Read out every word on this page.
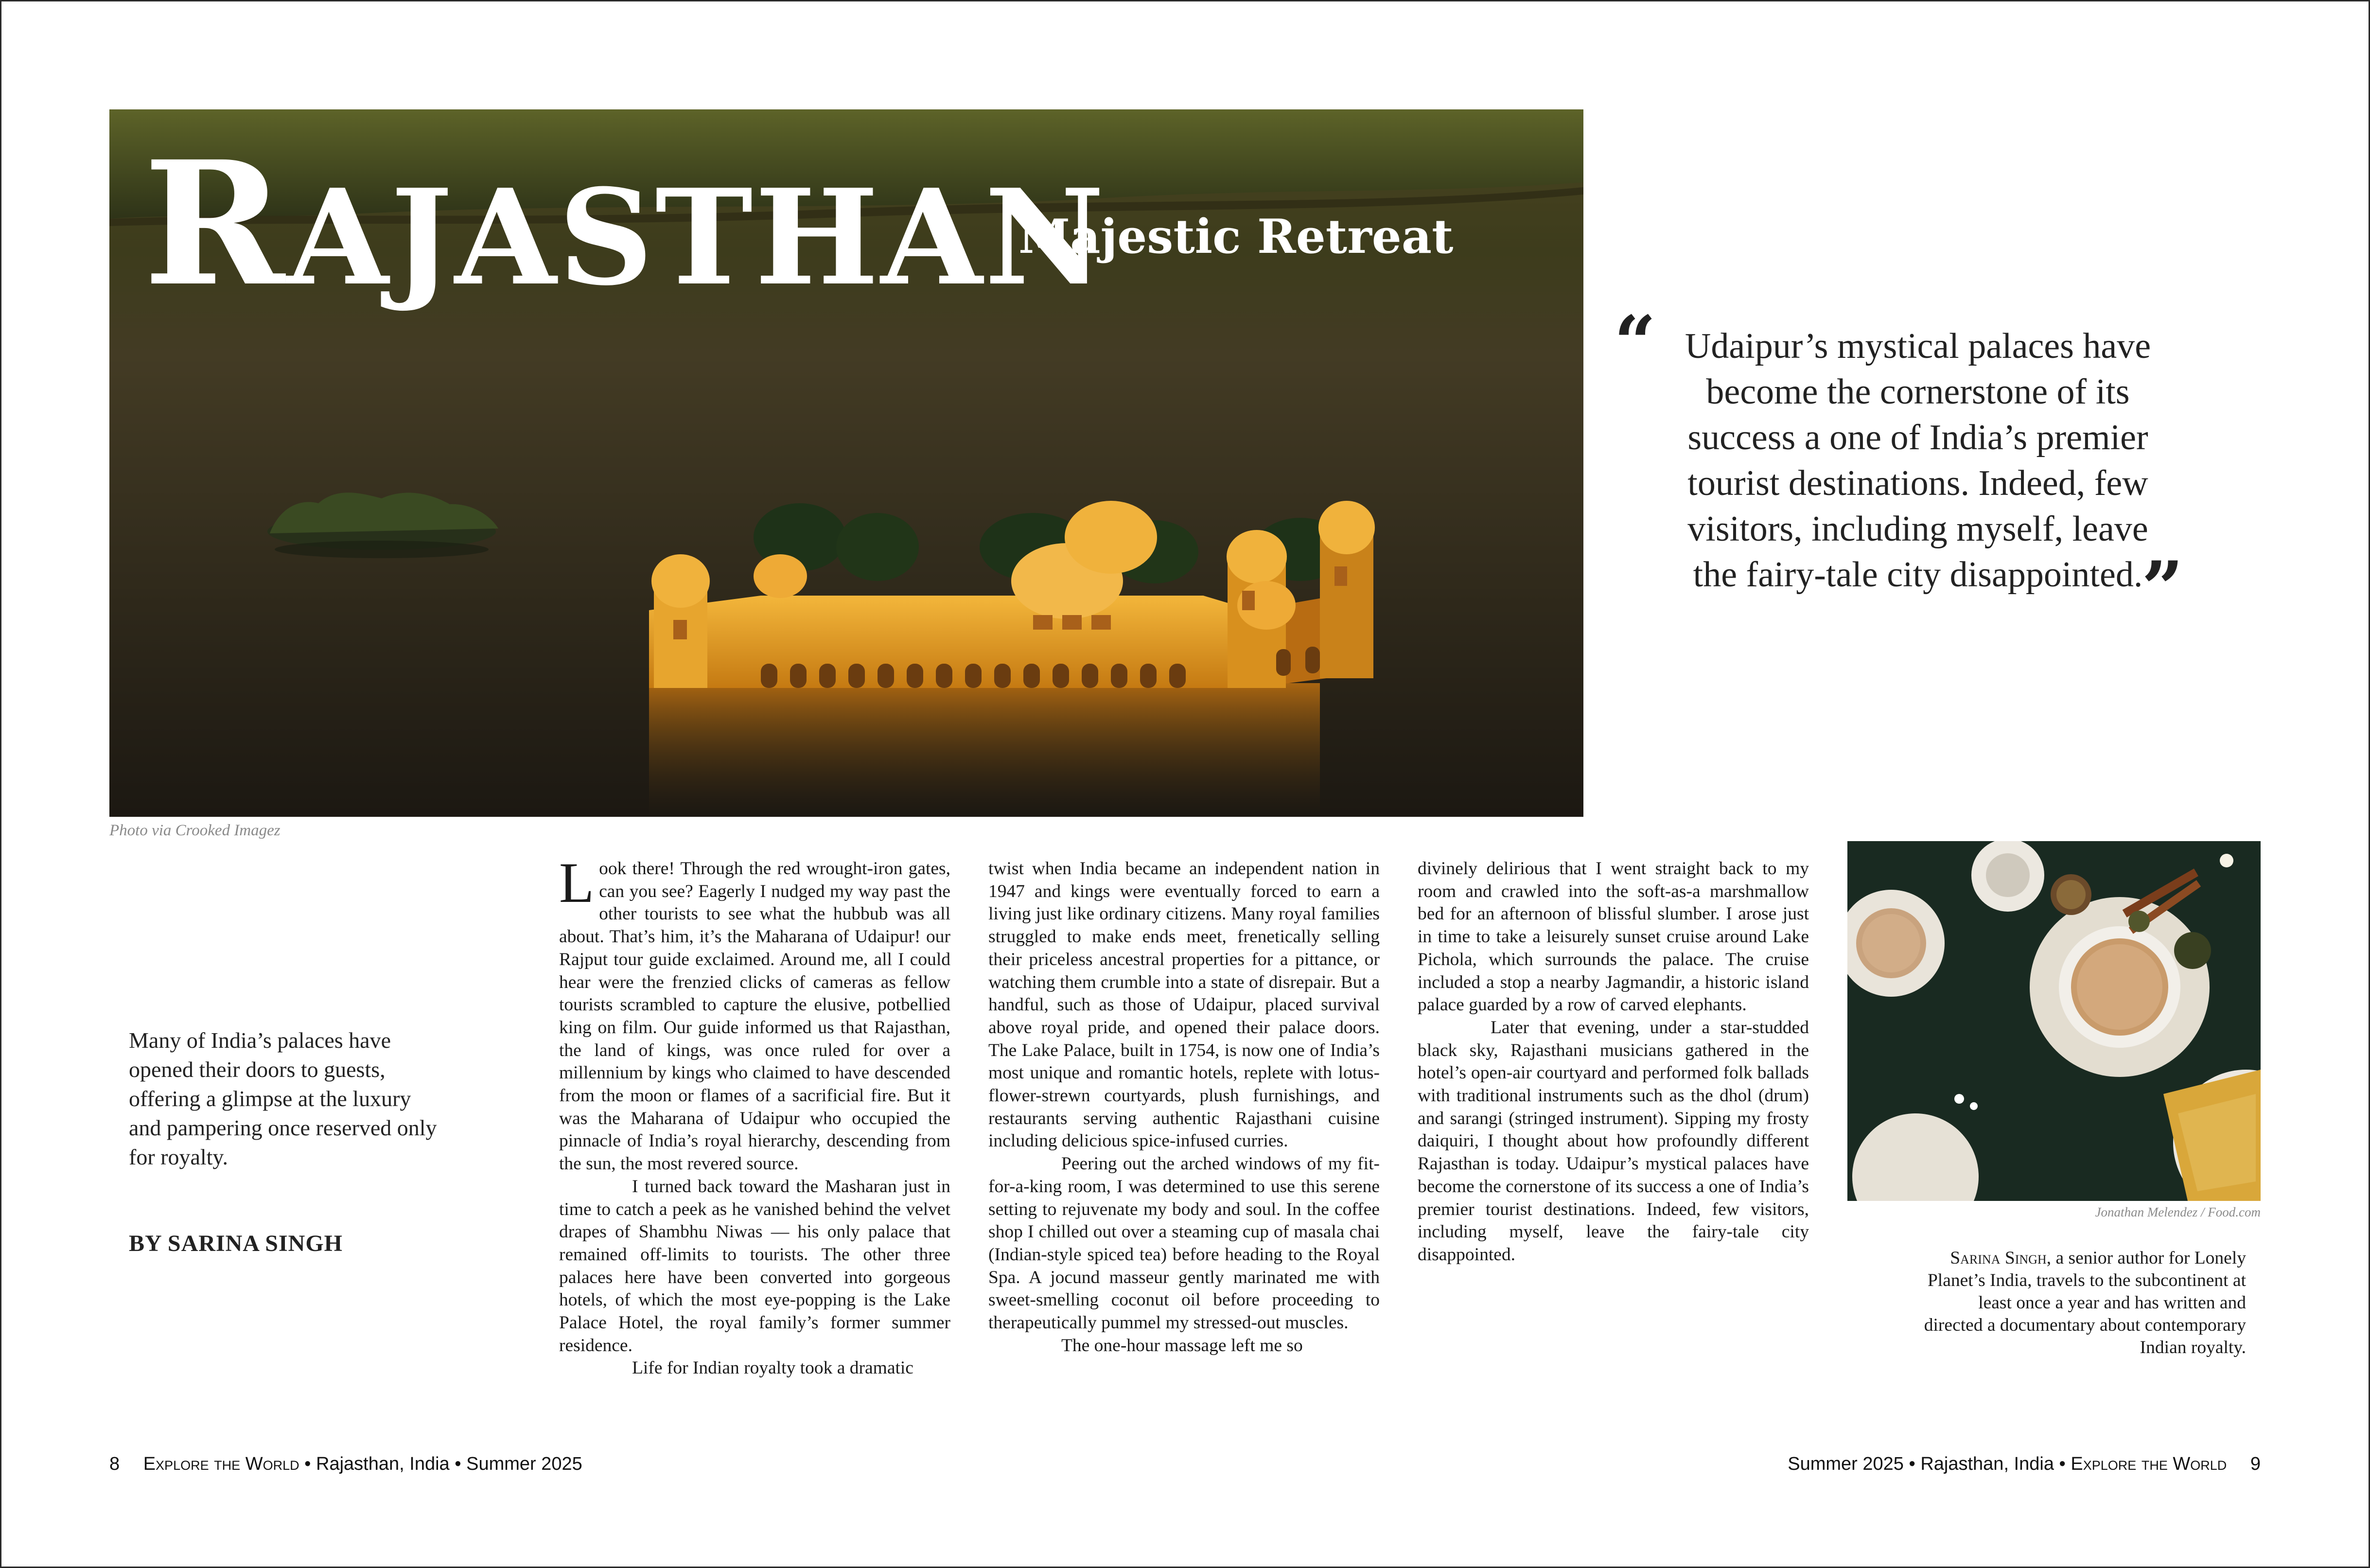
RAJASTHAN
Majestic Retreat
Photo via Crooked Imagez
“ Udaipur’s mystical palaces have
become the cornerstone of its
success a one of India’s premier
tourist destinations. Indeed, few
visitors, including myself, leave
the fairy-tale city disappointed.
”
Many of India’s palaces have opened their doors to guests, offering a glimpse at the luxury and pampering once reserved only for royalty.
BY SARINA SINGH

Look there! Through the red wrought-iron gates, can you see? Eagerly I nudged my way past the other tourists to see what the hubbub was all about. That’s him, it’s the Maharana of Udaipur! our Rajput tour guide exclaimed. Around me, all I could hear were the frenzied clicks of cameras as fellow tourists scrambled to capture the elusive, potbellied king on film. Our guide informed us that Rajasthan, the land of kings, was once ruled for over a millennium by kings who claimed to have descended from the moon or flames of a sacrificial fire. But it was the Maharana of Udaipur who occupied the pinnacle of India’s royal hierarchy, descending from the sun, the most revered source.

I turned back toward the Masharan just in time to catch a peek as he vanished behind the velvet drapes of Shambhu Niwas — his only palace that remained off-limits to tourists. The other three palaces here have been converted into gorgeous hotels, of which the most eye-popping is the Lake Palace Hotel, the royal family’s former summer residence.

Life for Indian royalty took a dramatic

twist when India became an independent nation in 1947 and kings were eventually forced to earn a living just like ordinary citizens. Many royal families struggled to make ends meet, frenetically selling their priceless ancestral properties for a pittance, or watching them crumble into a state of disrepair. But a handful, such as those of Udaipur, placed survival above royal pride, and opened their palace doors. The Lake Palace, built in 1754, is now one of India’s most unique and romantic hotels, replete with lotus-flower-strewn courtyards, plush furnishings, and restaurants serving authentic Rajasthani cuisine including delicious spice-infused curries.

Peering out the arched windows of my fit-for-a-king room, I was determined to use this serene setting to rejuvenate my body and soul. In the coffee shop I chilled out over a steaming cup of masala chai (Indian-style spiced tea) before heading to the Royal Spa. A jocund masseur gently marinated me with sweet-smelling coconut oil before proceeding to therapeutically pummel my stressed-out muscles.

The one-hour massage left me so

divinely delirious that I went straight back to my room and crawled into the soft-as-a marshmallow bed for an afternoon of blissful slumber. I arose just in time to take a leisurely sunset cruise around Lake Pichola, which surrounds the palace. The cruise included a stop a nearby Jagmandir, a historic island palace guarded by a row of carved elephants.

Later that evening, under a star-studded black sky, Rajasthani musicians gathered in the hotel’s open-air courtyard and performed folk ballads with traditional instruments such as the dhol (drum) and sarangi (stringed instrument). Sipping my frosty daiquiri, I thought about how profoundly different Rajasthan is today. Udaipur’s mystical palaces have become the cornerstone of its success a one of India’s premier tourist destinations. Indeed, few visitors, including myself, leave the fairy-tale city disappointed.

Jonathan Melendez / Food.com
Sarina Singh, a senior author for Lonely Planet’s India, travels to the subcontinent at least once a year and has written and directed a documentary about contemporary Indian royalty.
8 Explore the World • Rajasthan, India • Summer 2025	Summer 2025 • Rajasthan, India • Explore the World 9
